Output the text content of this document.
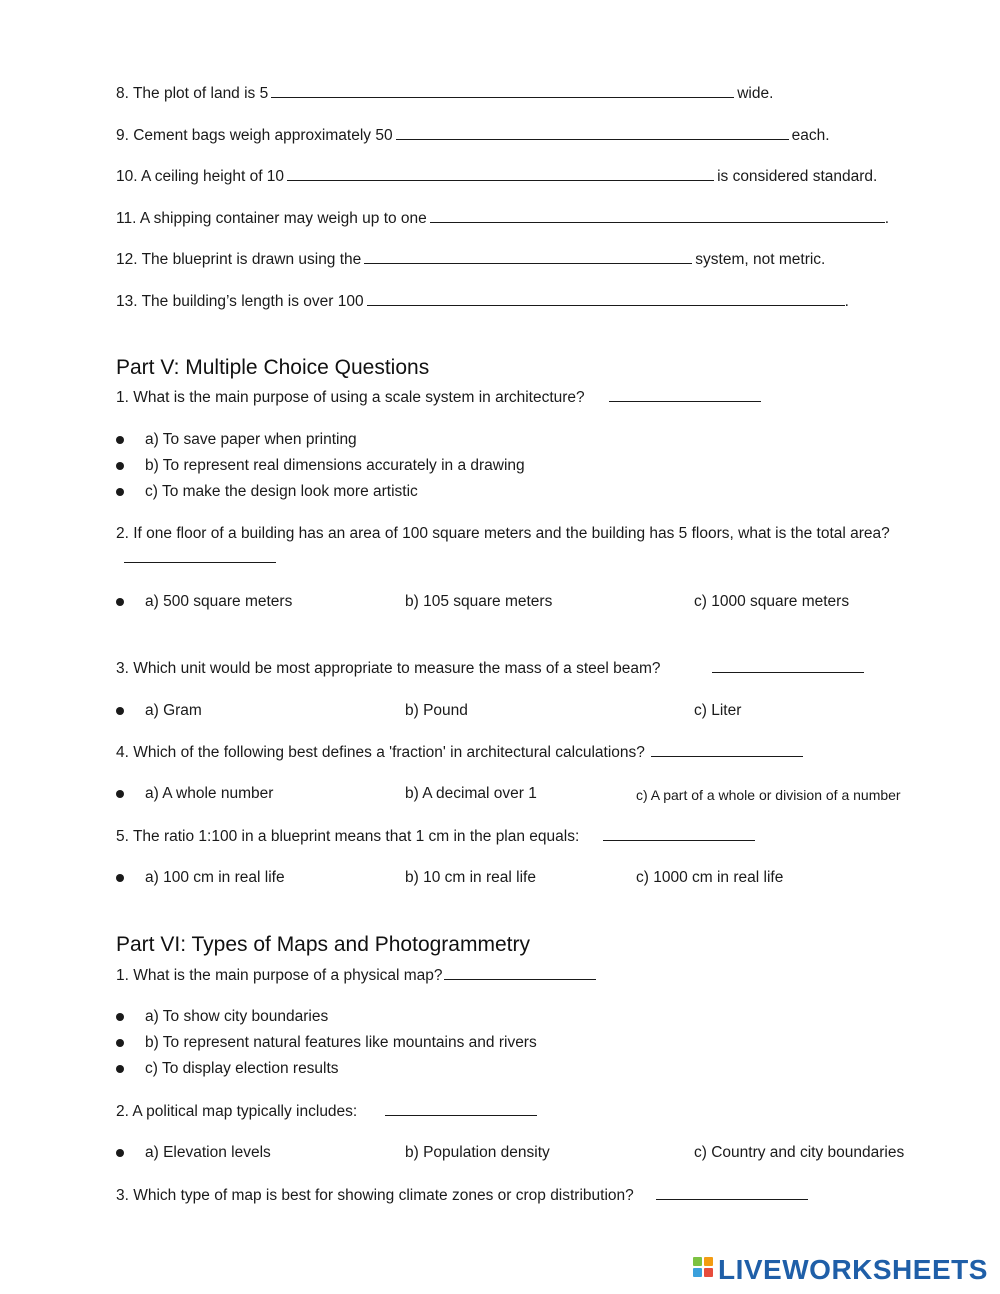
8. The plot of land is 5	wide.
9. Cement bags weigh approximately 50	each.
10. A ceiling height of 10	is considered standard.
11. A shipping container may weigh up to one	.
12. The blueprint is drawn using the	system, not metric.
13. The building’s length is over 100	.
Part V: Multiple Choice Questions
1. What is the main purpose of using a scale system in architecture?
a) To save paper when printing
b) To represent real dimensions accurately in a drawing
c) To make the design look more artistic
2. If one floor of a building has an area of 100 square meters and the building has 5 floors, what is the total area?
a) 500 square meters	b) 105 square meters	c) 1000 square meters
3. Which unit would be most appropriate to measure the mass of a steel beam?
a) Gram	b) Pound	c) Liter
4. Which of the following best defines a 'fraction' in architectural calculations?
a) A whole number	b) A decimal over 1	c) A part of a whole or division of a number
5. The ratio 1:100 in a blueprint means that 1 cm in the plan equals:
a) 100 cm in real life	b) 10 cm in real life	c) 1000 cm in real life
Part VI: Types of Maps and Photogrammetry
1. What is the main purpose of a physical map?
a) To show city boundaries
b) To represent natural features like mountains and rivers
c) To display election results
2. A political map typically includes:
a) Elevation levels	b) Population density	c) Country and city boundaries
3. Which type of map is best for showing climate zones or crop distribution?
LIVEWORKSHEETS
